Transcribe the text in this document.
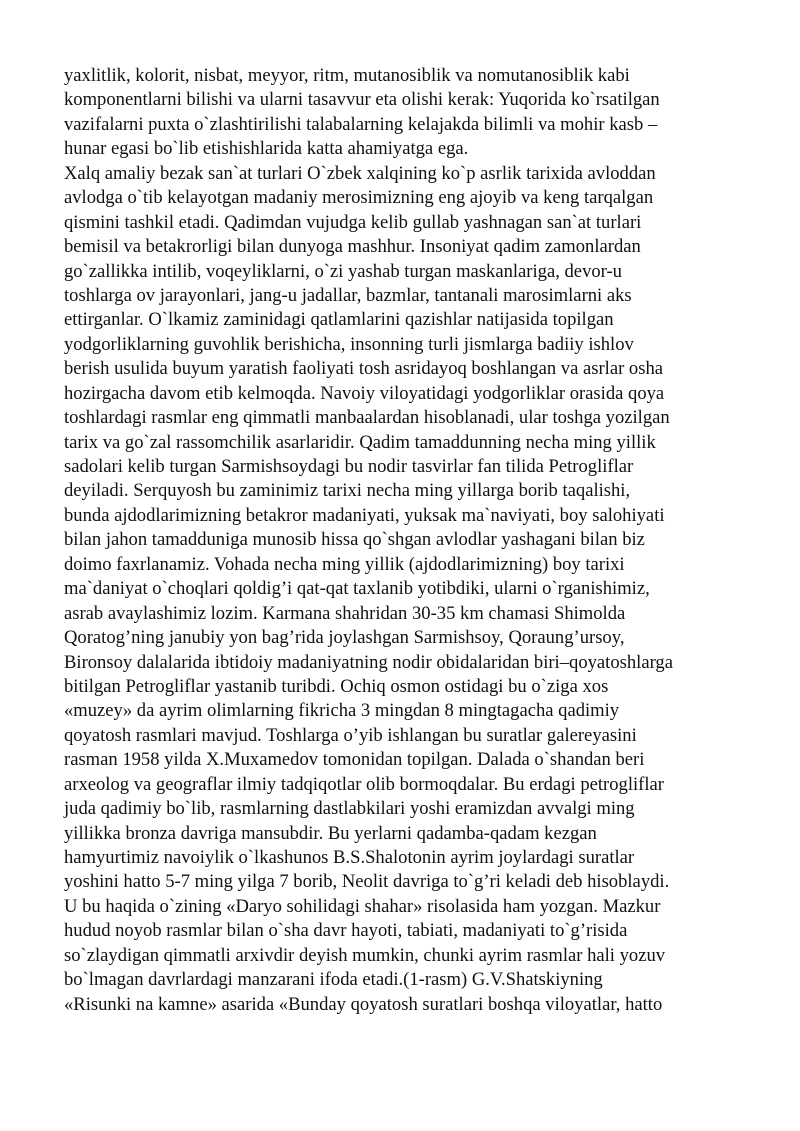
yaxlitlik, kolorit, nisbat, meyyor, ritm, mutanosiblik va nomutanosiblik kabi
komponentlarni bilishi va ularni tasavvur eta olishi kerak: Yuqorida ko`rsatilgan
vazifalarni puxta o`zlashtirilishi talabalarning kelajakda bilimli va mohir kasb –
hunar egasi bo`lib etishishlarida katta ahamiyatga ega.
Xalq amaliy bezak san`at turlari O`zbek xalqining ko`p asrlik tarixida avloddan
avlodga o`tib kelayotgan madaniy merosimizning eng ajoyib va keng tarqalgan
qismini tashkil etadi. Qadimdan vujudga kelib gullab yashnagan san`at turlari
bemisil va betakrorligi bilan dunyoga mashhur. Insoniyat qadim zamonlardan
go`zallikka intilib, voqeyliklarni, o`zi yashab turgan maskanlariga, devor-u
toshlarga ov jarayonlari, jang-u jadallar, bazmlar, tantanali marosimlarni aks
ettirganlar. O`lkamiz zaminidagi qatlamlarini qazishlar natijasida topilgan
yodgorliklarning guvohlik berishicha, insonning turli jismlarga badiiy ishlov
berish usulida buyum yaratish faoliyati tosh asridayoq boshlangan va asrlar osha
hozirgacha davom etib kelmoqda. Navoiy viloyatidagi yodgorliklar orasida qoya
toshlardagi rasmlar eng qimmatli manbaalardan hisoblanadi, ular toshga yozilgan
tarix va go`zal rassomchilik asarlaridir. Qadim tamaddunning necha ming yillik
sadolari kelib turgan Sarmishsoydagi bu nodir tasvirlar fan tilida Petrogliflar
deyiladi. Serquyosh bu zaminimiz tarixi necha ming yillarga borib taqalishi,
bunda ajdodlarimizning betakror madaniyati, yuksak ma`naviyati, boy salohiyati
bilan jahon tamadduniga munosib hissa qo`shgan avlodlar yashagani bilan biz
doimo faxrlanamiz. Vohada necha ming yillik (ajdodlarimizning) boy tarixi
ma`daniyat o`choqlari qoldig’i qat-qat taxlanib yotibdiki, ularni o`rganishimiz,
asrab avaylashimiz lozim. Karmana shahridan 30-35 km chamasi Shimolda
Qoratog’ning janubiy yon bag’rida joylashgan Sarmishsoy, Qoraung’ursoy,
Bironsoy dalalarida ibtidoiy madaniyatning nodir obidalaridan biri–qoyatoshlarga
bitilgan Petrogliflar yastanib turibdi. Ochiq osmon ostidagi bu o`ziga xos
«muzey» da ayrim olimlarning fikricha 3 mingdan 8 mingtagacha qadimiy
qoyatosh rasmlari mavjud. Toshlarga o’yib ishlangan bu suratlar galereyasini
rasman 1958 yilda X.Muxamedov tomonidan topilgan. Dalada o`shandan beri
arxeolog va geograflar ilmiy tadqiqotlar olib bormoqdalar. Bu erdagi petrogliflar
juda qadimiy bo`lib, rasmlarning dastlabkilari yoshi eramizdan avvalgi ming
yillikka bronza davriga mansubdir. Bu yerlarni qadamba-qadam kezgan
hamyurtimiz navoiylik o`lkashunos B.S.Shalotonin ayrim joylardagi suratlar
yoshini hatto 5-7 ming yilga 7 borib, Neolit davriga to`g’ri keladi deb hisoblaydi.
U bu haqida o`zining «Daryo sohilidagi shahar» risolasida ham yozgan. Mazkur
hudud noyob rasmlar bilan o`sha davr hayoti, tabiati, madaniyati to`g’risida
so`zlaydigan qimmatli arxivdir deyish mumkin, chunki ayrim rasmlar hali yozuv
bo`lmagan davrlardagi manzarani ifoda etadi.(1-rasm) G.V.Shatskiyning
«Risunki na kamne» asarida «Bunday qoyatosh suratlari boshqa viloyatlar, hatto
